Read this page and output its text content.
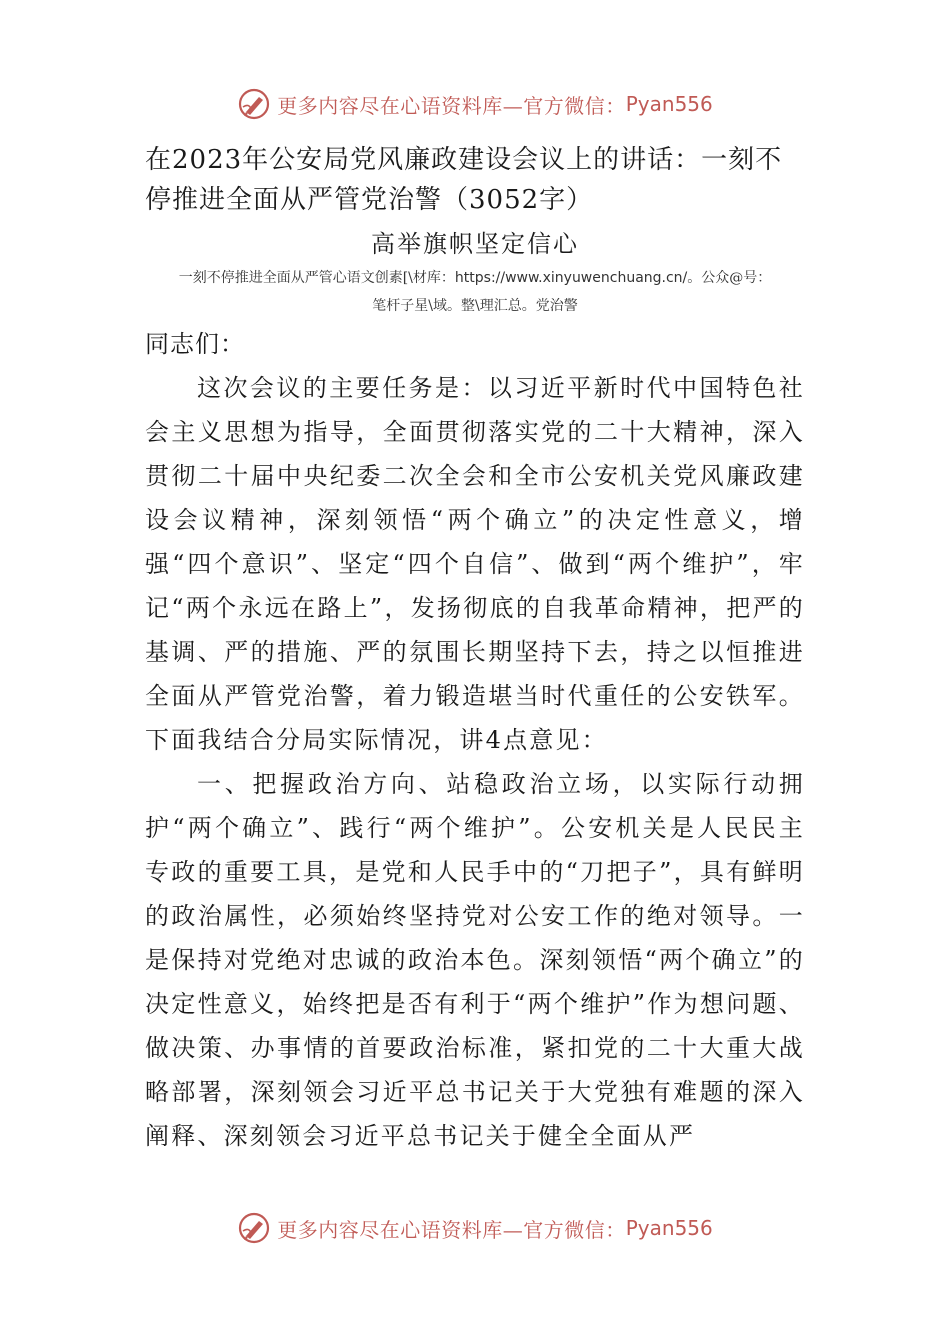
更多内容尽在心语资料库—官方微信： Pyan556
在2023年公安局党风廉政建设会议上的讲话：一刻不停推进全面从严管党治警（3052字）
高举旗帜坚定信心
一刻不停推进全面从严管心语文创素[\材库：https://www.xinyuwenchuang.cn/。公众@号：
笔杆子星\域。整\理汇总。党治警

同志们：

这次会议的主要任务是：以习近平新时代中国特色社会主义思想为指导，全面贯彻落实党的二十大精神，深入贯彻二十届中央纪委二次全会和全市公安机关党风廉政建设会议精神，深刻领悟“两个确立”的决定性意义，增强“四个意识”、坚定“四个自信”、做到“两个维护”，牢记“两个永远在路上”，发扬彻底的自我革命精神，把严的基调、严的措施、严的氛围长期坚持下去，持之以恒推进全面从严管党治警，着力锻造堪当时代重任的公安铁军。下面我结合分局实际情况，讲4点意见：

一、把握政治方向、站稳政治立场，以实际行动拥护“两个确立”、践行“两个维护”。公安机关是人民民主专政的重要工具，是党和人民手中的“刀把子”，具有鲜明的政治属性，必须始终坚持党对公安工作的绝对领导。一是保持对党绝对忠诚的政治本色。深刻领悟“两个确立”的决定性意义，始终把是否有利于“两个维护”作为想问题、做决策、办事情的首要政治标准，紧扣党的二十大重大战略部署，深刻领会习近平总书记关于大党独有难题的深入阐释、深刻领会习近平总书记关于健全全面从严

更多内容尽在心语资料库—官方微信： Pyan556
